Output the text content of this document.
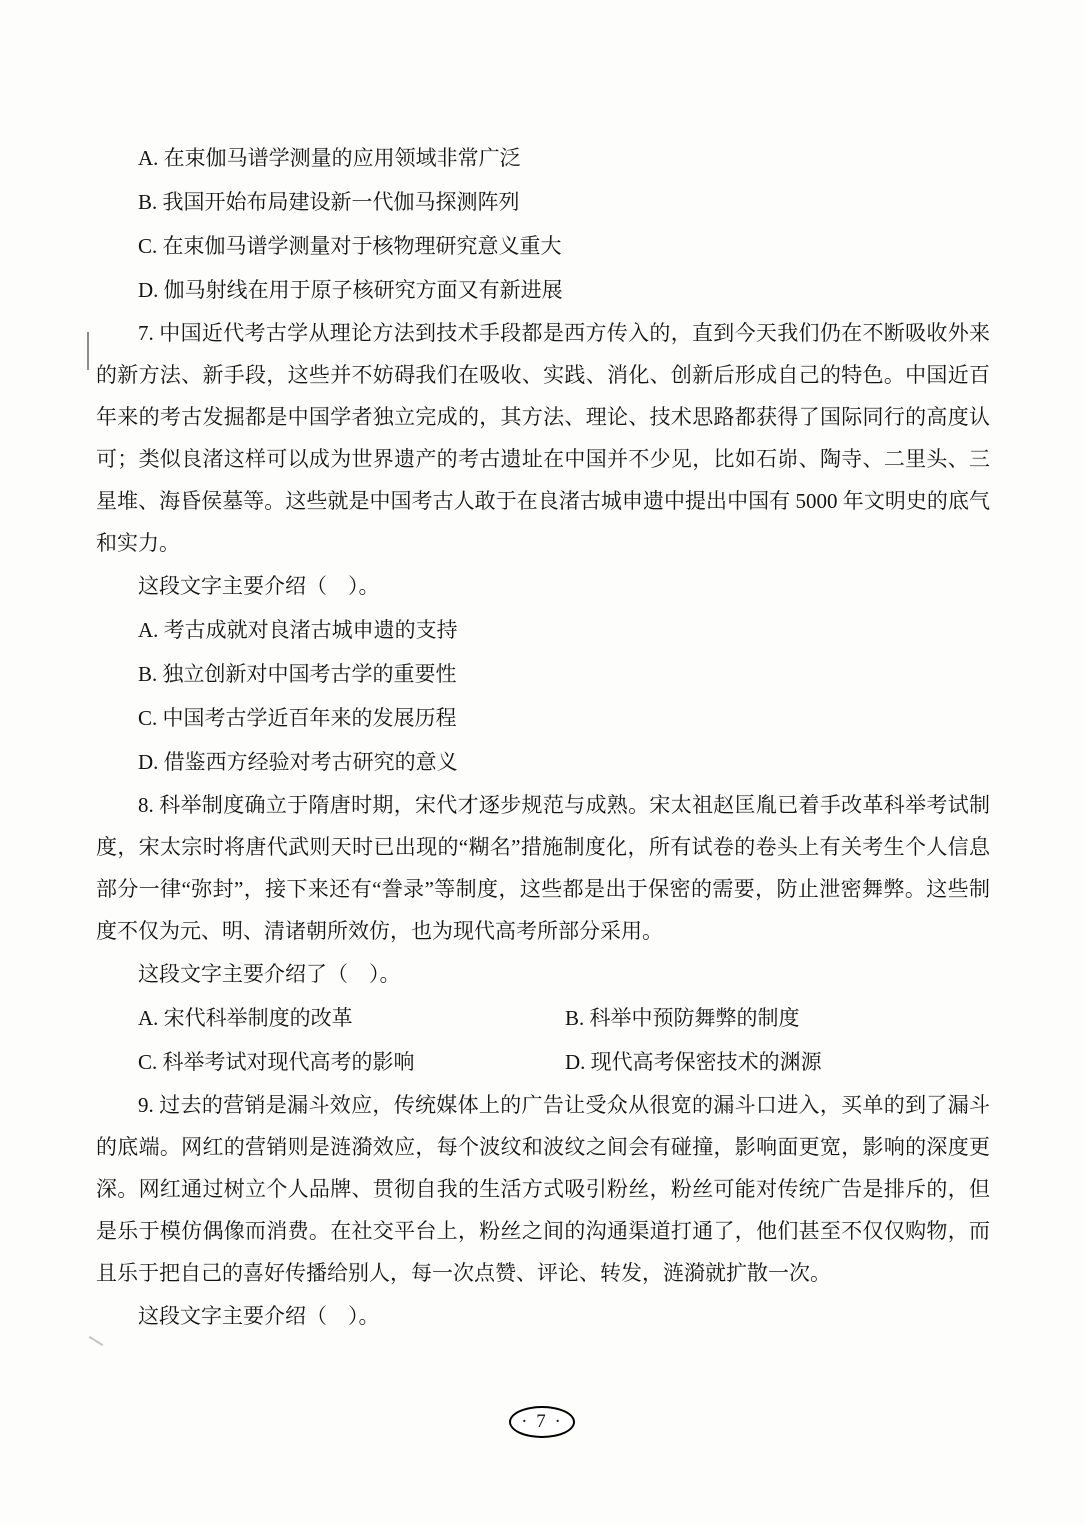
A. 在束伽马谱学测量的应用领域非常广泛
B. 我国开始布局建设新一代伽马探测阵列
C. 在束伽马谱学测量对于核物理研究意义重大
D. 伽马射线在用于原子核研究方面又有新进展

7. 中国近代考古学从理论方法到技术手段都是西方传入的，直到今天我们仍在不断吸收外来的新方法、新手段，这些并不妨碍我们在吸收、实践、消化、创新后形成自己的特色。中国近百年来的考古发掘都是中国学者独立完成的，其方法、理论、技术思路都获得了国际同行的高度认可；类似良渚这样可以成为世界遗产的考古遗址在中国并不少见，比如石峁、陶寺、二里头、三星堆、海昏侯墓等。这些就是中国考古人敢于在良渚古城申遗中提出中国有 5000 年文明史的底气和实力。

这段文字主要介绍（　）。
A. 考古成就对良渚古城申遗的支持
B. 独立创新对中国考古学的重要性
C. 中国考古学近百年来的发展历程
D. 借鉴西方经验对考古研究的意义

8. 科举制度确立于隋唐时期，宋代才逐步规范与成熟。宋太祖赵匡胤已着手改革科举考试制度，宋太宗时将唐代武则天时已出现的“糊名”措施制度化，所有试卷的卷头上有关考生个人信息部分一律“弥封”，接下来还有“誊录”等制度，这些都是出于保密的需要，防止泄密舞弊。这些制度不仅为元、明、清诸朝所效仿，也为现代高考所部分采用。

这段文字主要介绍了（　）。
A. 宋代科举制度的改革	B. 科举中预防舞弊的制度
C. 科举考试对现代高考的影响	D. 现代高考保密技术的渊源

9. 过去的营销是漏斗效应，传统媒体上的广告让受众从很宽的漏斗口进入，买单的到了漏斗的底端。网红的营销则是涟漪效应，每个波纹和波纹之间会有碰撞，影响面更宽，影响的深度更深。网红通过树立个人品牌、贯彻自我的生活方式吸引粉丝，粉丝可能对传统广告是排斥的，但是乐于模仿偶像而消费。在社交平台上，粉丝之间的沟通渠道打通了，他们甚至不仅仅购物，而且乐于把自己的喜好传播给别人，每一次点赞、评论、转发，涟漪就扩散一次。

这段文字主要介绍（　）。
· 7 ·
